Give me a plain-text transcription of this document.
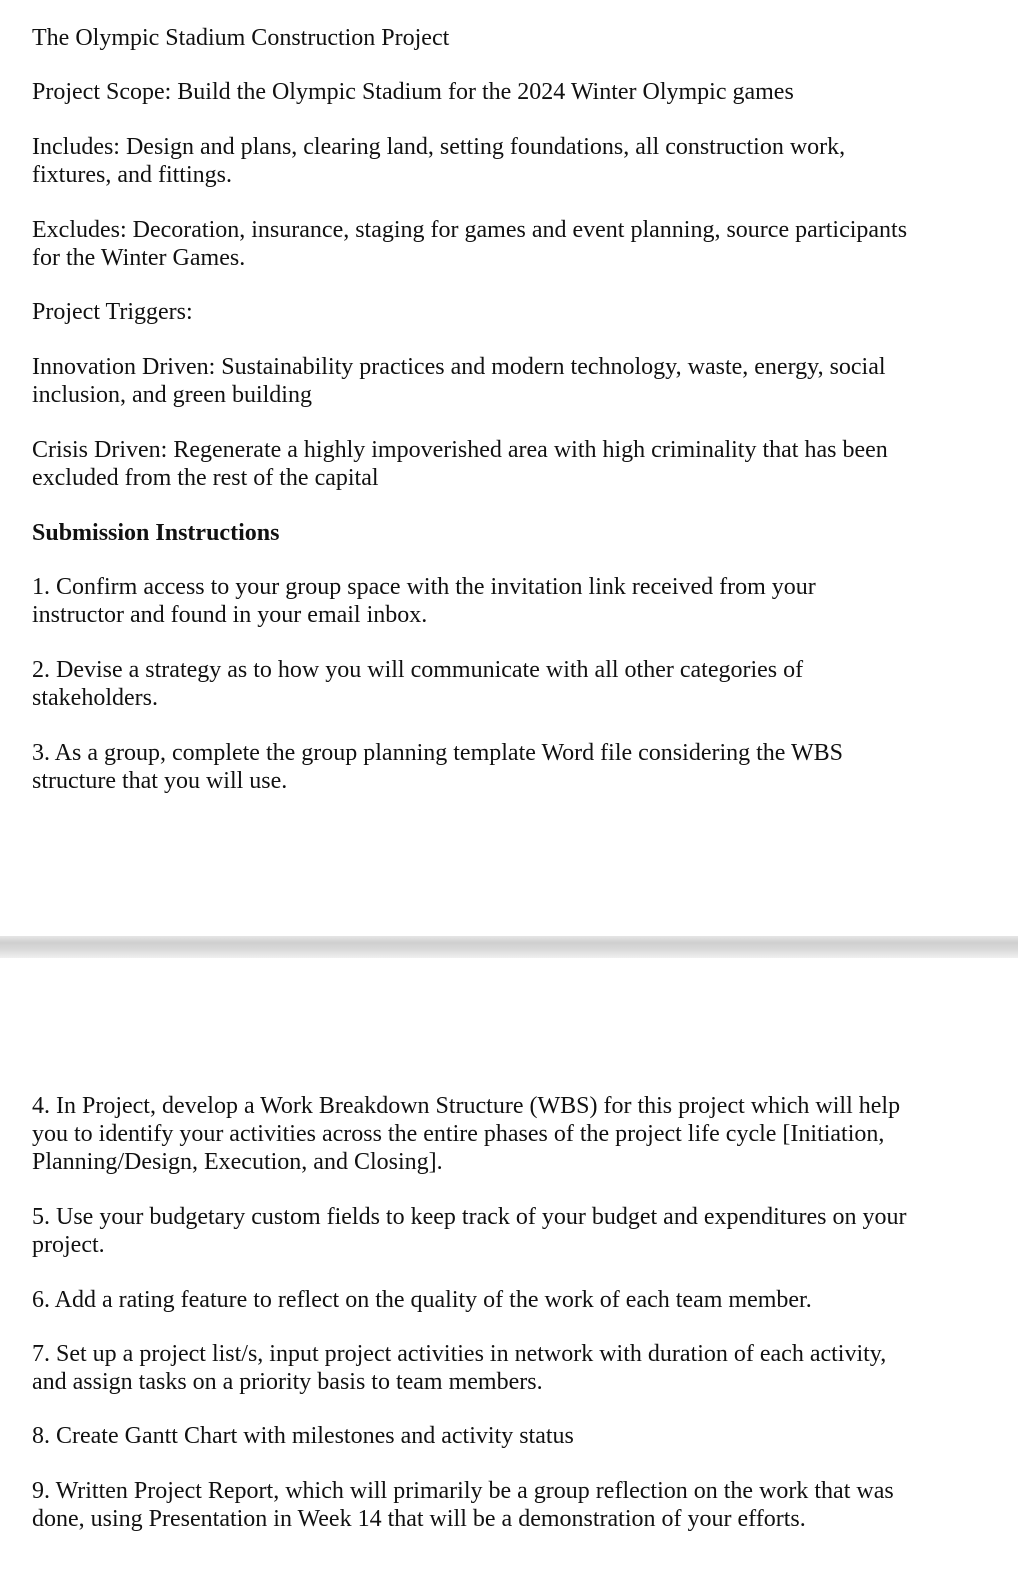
The Olympic Stadium Construction Project

Project Scope: Build the Olympic Stadium for the 2024 Winter Olympic games

Includes: Design and plans, clearing land, setting foundations, all construction work, fixtures, and fittings.

Excludes: Decoration, insurance, staging for games and event planning, source participants for the Winter Games.

Project Triggers:

Innovation Driven: Sustainability practices and modern technology, waste, energy, social inclusion, and green building

Crisis Driven: Regenerate a highly impoverished area with high criminality that has been excluded from the rest of the capital

Submission Instructions

1. Confirm access to your group space with the invitation link received from your instructor and found in your email inbox.

2. Devise a strategy as to how you will communicate with all other categories of stakeholders.

3. As a group, complete the group planning template Word file considering the WBS structure that you will use.

4. In Project, develop a Work Breakdown Structure (WBS) for this project which will help you to identify your activities across the entire phases of the project life cycle [Initiation, Planning/Design, Execution, and Closing].

5. Use your budgetary custom fields to keep track of your budget and expenditures on your project.

6. Add a rating feature to reflect on the quality of the work of each team member.

7. Set up a project list/s, input project activities in network with duration of each activity, and assign tasks on a priority basis to team members.

8. Create Gantt Chart with milestones and activity status

9. Written Project Report, which will primarily be a group reflection on the work that was done, using Presentation in Week 14 that will be a demonstration of your efforts.
